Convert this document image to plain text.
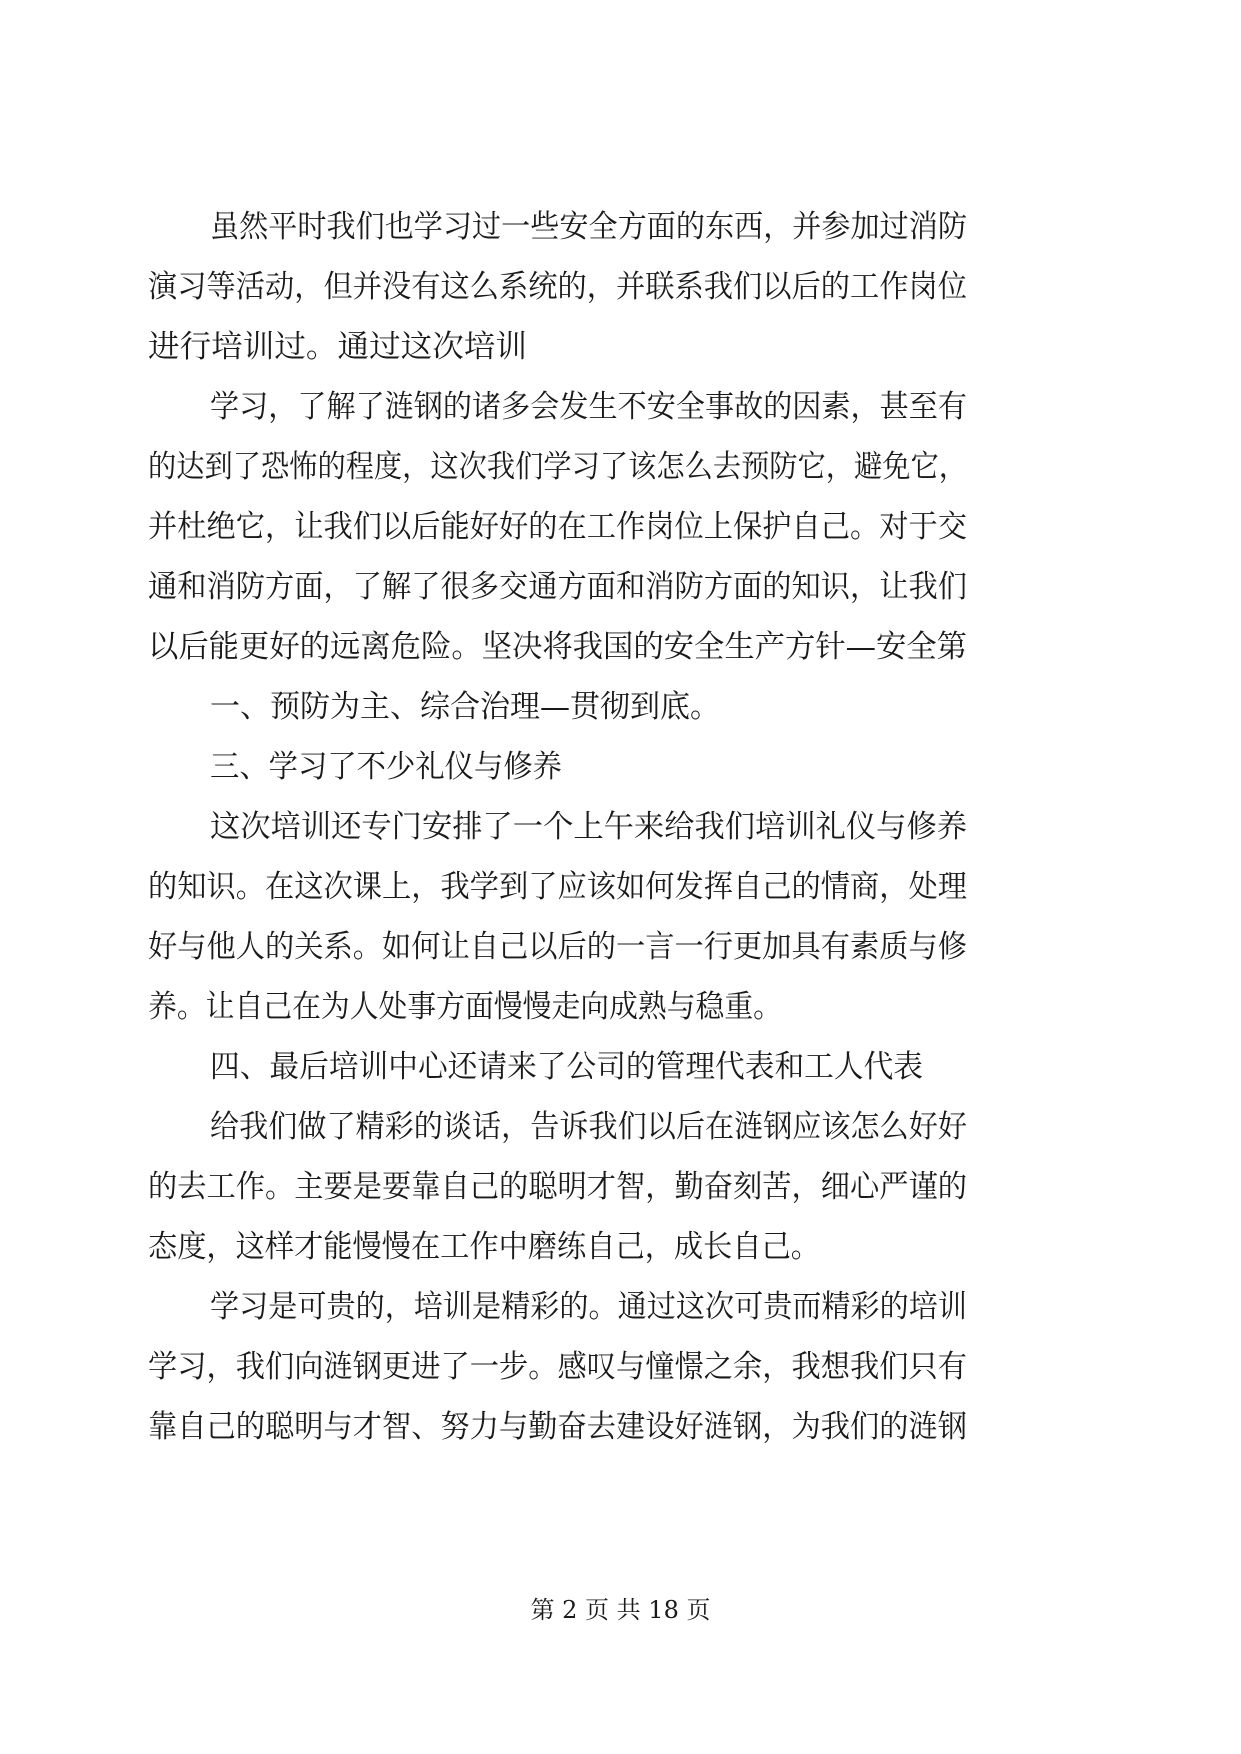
虽然平时我们也学习过一些安全方面的东西，并参加过消防

演习等活动，但并没有这么系统的，并联系我们以后的工作岗位

进行培训过。通过这次培训

学习，了解了涟钢的诸多会发生不安全事故的因素，甚至有

的达到了恐怖的程度，这次我们学习了该怎么去预防它，避免它，

并杜绝它，让我们以后能好好的在工作岗位上保护自己。对于交

通和消防方面，了解了很多交通方面和消防方面的知识，让我们

以后能更好的远离危险。坚决将我国的安全生产方针—安全第

一、预防为主、综合治理—贯彻到底。

三、学习了不少礼仪与修养

这次培训还专门安排了一个上午来给我们培训礼仪与修养

的知识。在这次课上，我学到了应该如何发挥自己的情商，处理

好与他人的关系。如何让自己以后的一言一行更加具有素质与修

养。让自己在为人处事方面慢慢走向成熟与稳重。

四、最后培训中心还请来了公司的管理代表和工人代表

给我们做了精彩的谈话，告诉我们以后在涟钢应该怎么好好

的去工作。主要是要靠自己的聪明才智，勤奋刻苦，细心严谨的

态度，这样才能慢慢在工作中磨练自己，成长自己。

学习是可贵的，培训是精彩的。通过这次可贵而精彩的培训

学习，我们向涟钢更进了一步。感叹与憧憬之余，我想我们只有

靠自己的聪明与才智、努力与勤奋去建设好涟钢，为我们的涟钢

第 2 页 共 18 页
